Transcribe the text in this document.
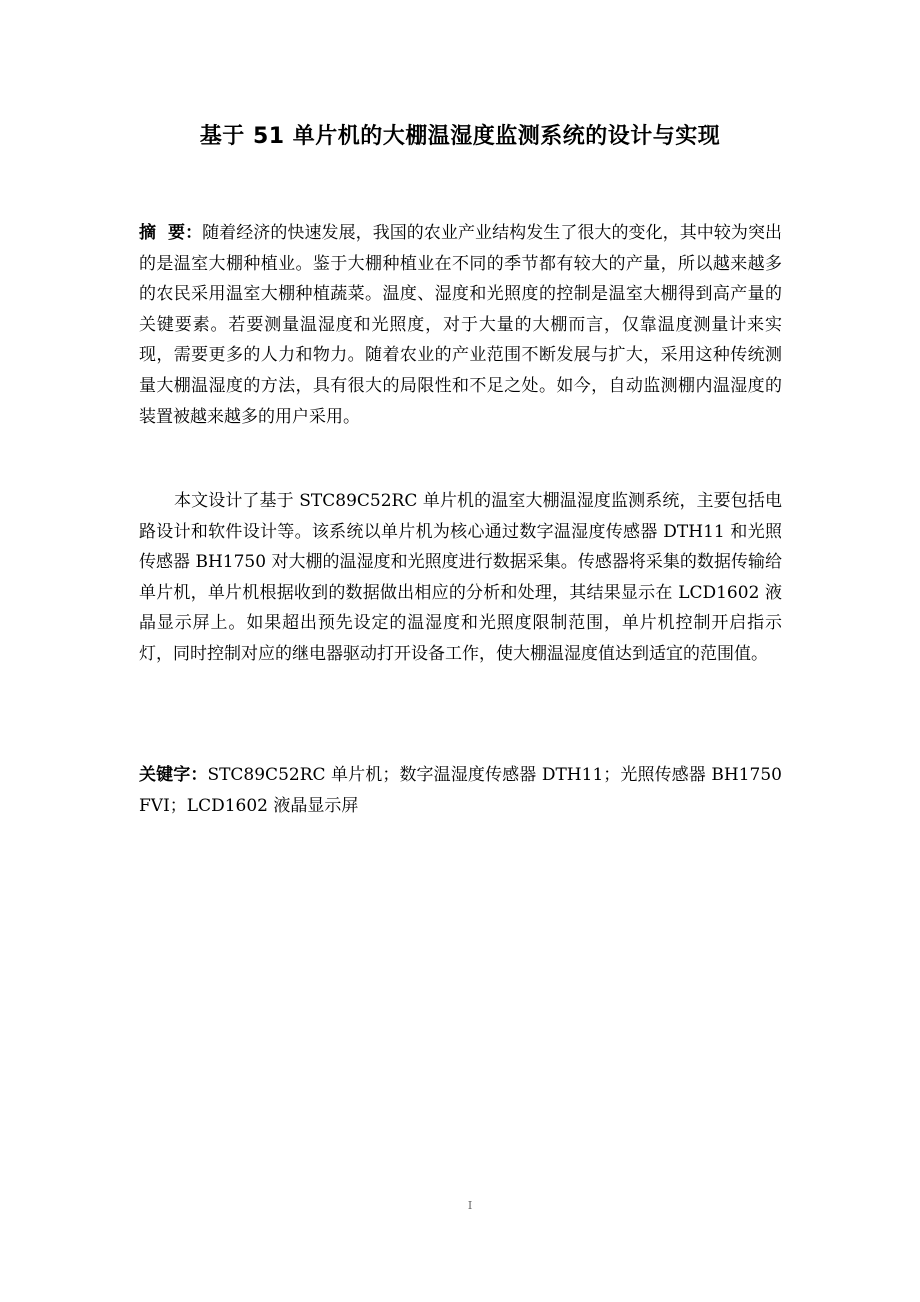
基于 51 单片机的大棚温湿度监测系统的设计与实现

摘  要：随着经济的快速发展，我国的农业产业结构发生了很大的变化，其中较为突出的是温室大棚种植业。鉴于大棚种植业在不同的季节都有较大的产量，所以越来越多的农民采用温室大棚种植蔬菜。温度、湿度和光照度的控制是温室大棚得到高产量的关键要素。若要测量温湿度和光照度，对于大量的大棚而言，仅靠温度测量计来实现，需要更多的人力和物力。随着农业的产业范围不断发展与扩大，采用这种传统测量大棚温湿度的方法，具有很大的局限性和不足之处。如今，自动监测棚内温湿度的装置被越来越多的用户采用。

本文设计了基于 STC89C52RC 单片机的温室大棚温湿度监测系统，主要包括电路设计和软件设计等。该系统以单片机为核心通过数字温湿度传感器 DTH11 和光照传感器 BH1750 对大棚的温湿度和光照度进行数据采集。传感器将采集的数据传输给单片机，单片机根据收到的数据做出相应的分析和处理，其结果显示在 LCD1602 液晶显示屏上。如果超出预先设定的温湿度和光照度限制范围，单片机控制开启指示灯，同时控制对应的继电器驱动打开设备工作，使大棚温湿度值达到适宜的范围值。

关键字：STC89C52RC 单片机；数字温湿度传感器 DTH11；光照传感器 BH1750 FVI；LCD1602 液晶显示屏

I
